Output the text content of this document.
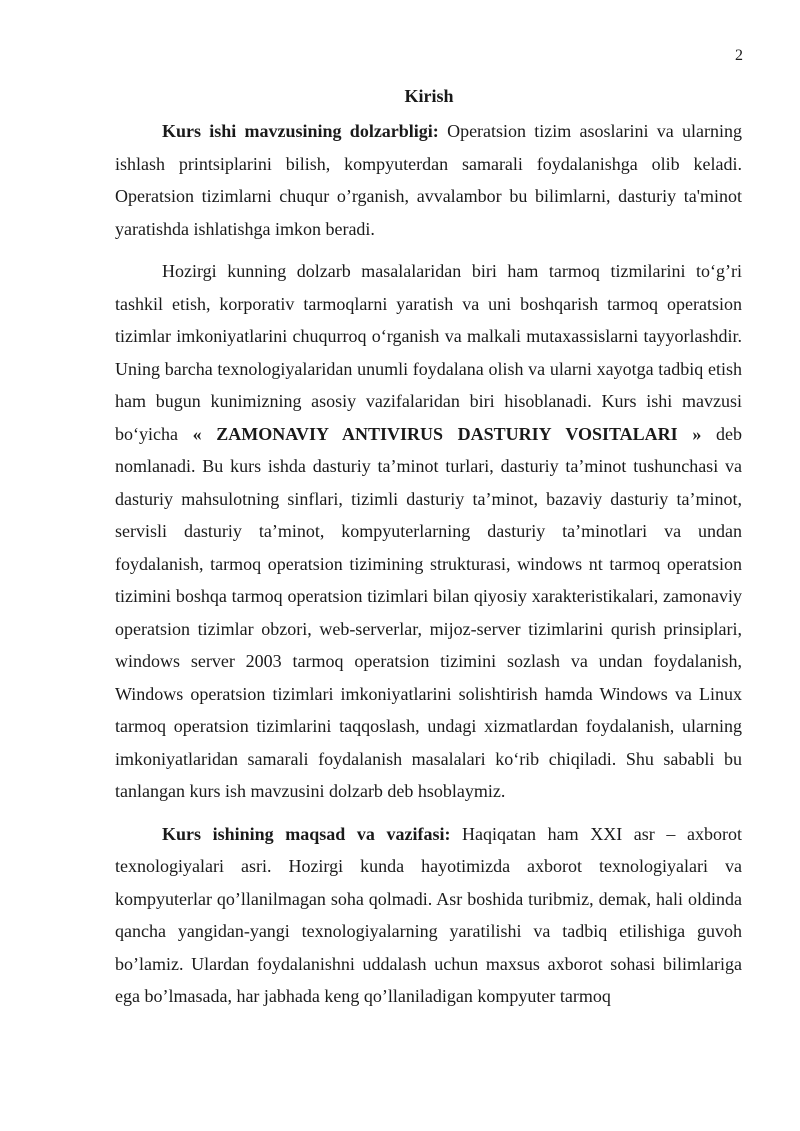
2
Kirish

Kurs ishi mavzusining dolzarbligi: Operatsion tizim asoslarini va ularning ishlash printsiplarini bilish, kompyuterdan samarali foydalanishga olib keladi. Operatsion tizimlarni chuqur o’rganish, avvalambor bu bilimlarni, dasturiy ta'minot yaratishda ishlatishga imkon beradi.

Hozirgi kunning dolzarb masalalaridan biri ham tarmoq tizmilarini to‘g’ri tashkil etish, korporativ tarmoqlarni yaratish va uni boshqarish tarmoq operatsion tizimlar imkoniyatlarini chuqurroq o‘rganish va malkali mutaxassislarni tayyorlashdir. Uning barcha texnologiyalaridan unumli foydalana olish va ularni xayotga tadbiq etish ham bugun kunimizning asosiy vazifalaridan biri hisoblanadi. Kurs ishi mavzusi bo‘yicha « ZAMONAVIY ANTIVIRUS DASTURIY VOSITALARI » deb nomlanadi. Bu kurs ishda dasturiy ta’minot turlari, dasturiy ta’minot tushunchasi va dasturiy mahsulotning sinflari, tizimli dasturiy ta’minot, bazaviy dasturiy ta’minot, servisli dasturiy ta’minot, kompyuterlarning dasturiy ta’minotlari va undan foydalanish, tarmoq operatsion tizimining strukturasi, windows nt tarmoq operatsion tizimini boshqa tarmoq operatsion tizimlari bilan qiyosiy xarakteristikalari, zamonaviy operatsion tizimlar obzori, web-serverlar, mijoz-server tizimlarini qurish prinsiplari, windows server 2003 tarmoq operatsion tizimini sozlash va undan foydalanish, Windows operatsion tizimlari imkoniyatlarini solishtirish hamda Windows va Linux tarmoq operatsion tizimlarini taqqoslash, undagi xizmatlardan foydalanish, ularning imkoniyatlaridan samarali foydalanish masalalari ko‘rib chiqiladi. Shu sababli bu tanlangan kurs ish mavzusini dolzarb deb hsoblaymiz.

Kurs ishining maqsad va vazifasi: Haqiqatan ham XXI asr – axborot texnologiyalari asri. Hozirgi kunda hayotimizda axborot texnologiyalari va kompyuterlar qo’llanilmagan soha qolmadi. Asr boshida turibmiz, demak, hali oldinda qancha yangidan-yangi texnologiyalarning yaratilishi va tadbiq etilishiga guvoh bo’lamiz. Ulardan foydalanishni uddalash uchun maxsus axborot sohasi bilimlariga ega bo’lmasada, har jabhada keng qo’llaniladigan kompyuter tarmoq
